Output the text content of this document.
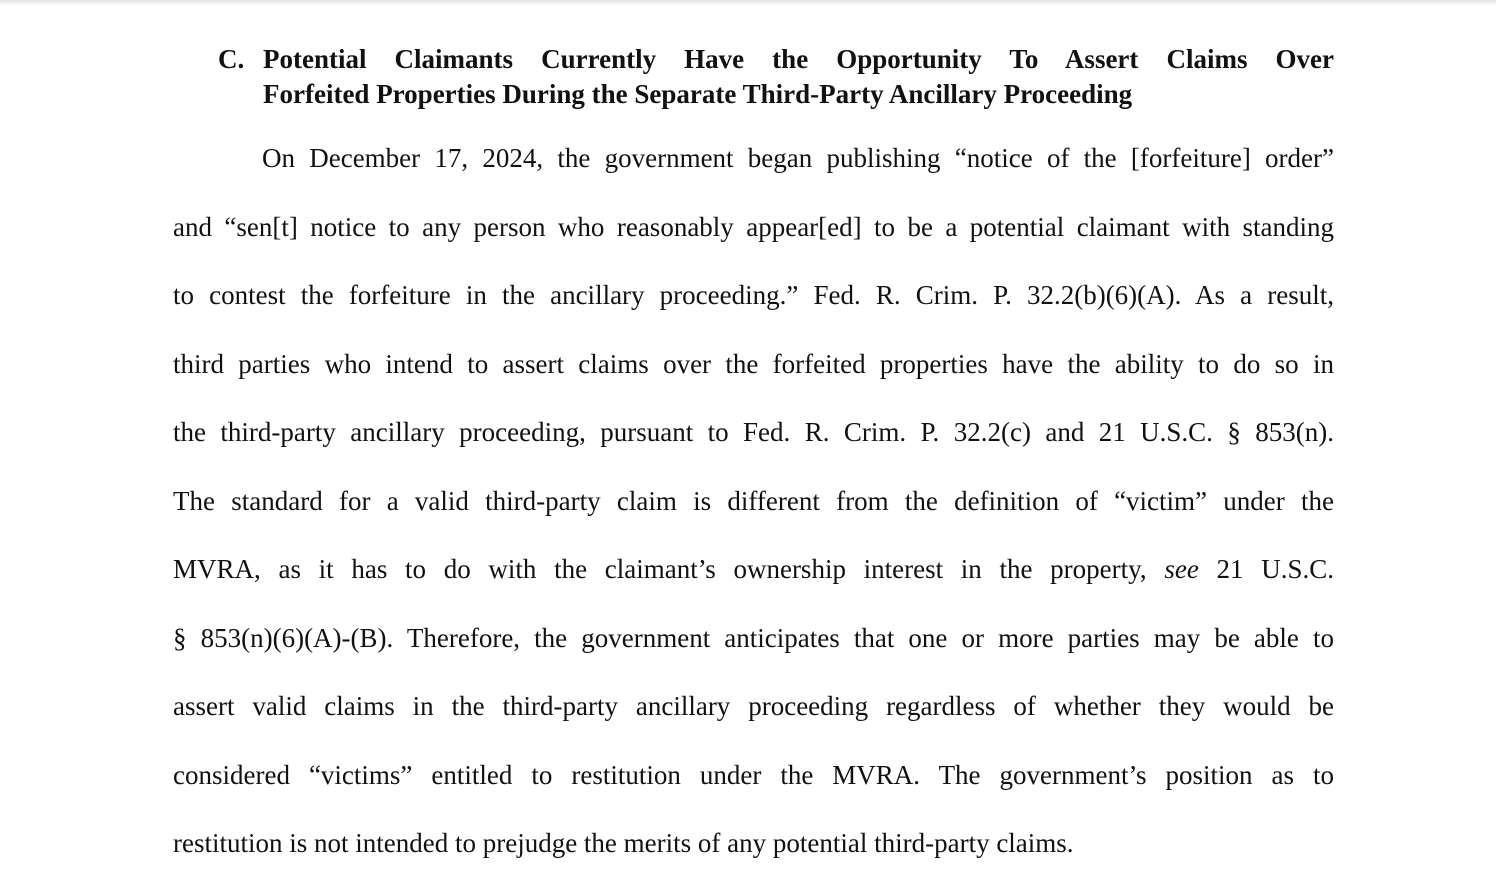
C. Potential Claimants Currently Have the Opportunity To Assert Claims Over
Forfeited Properties During the Separate Third-Party Ancillary Proceeding
On December 17, 2024, the government began publishing “notice of the [forfeiture] order”
and “sen[t] notice to any person who reasonably appear[ed] to be a potential claimant with standing
to contest the forfeiture in the ancillary proceeding.” Fed. R. Crim. P. 32.2(b)(6)(A). As a result,
third parties who intend to assert claims over the forfeited properties have the ability to do so in
the third-party ancillary proceeding, pursuant to Fed. R. Crim. P. 32.2(c) and 21 U.S.C. § 853(n).
The standard for a valid third-party claim is different from the definition of “victim” under the
MVRA, as it has to do with the claimant’s ownership interest in the property, see 21 U.S.C.
§ 853(n)(6)(A)-(B). Therefore, the government anticipates that one or more parties may be able to
assert valid claims in the third-party ancillary proceeding regardless of whether they would be
considered “victims” entitled to restitution under the MVRA. The government’s position as to
restitution is not intended to prejudge the merits of any potential third-party claims.
